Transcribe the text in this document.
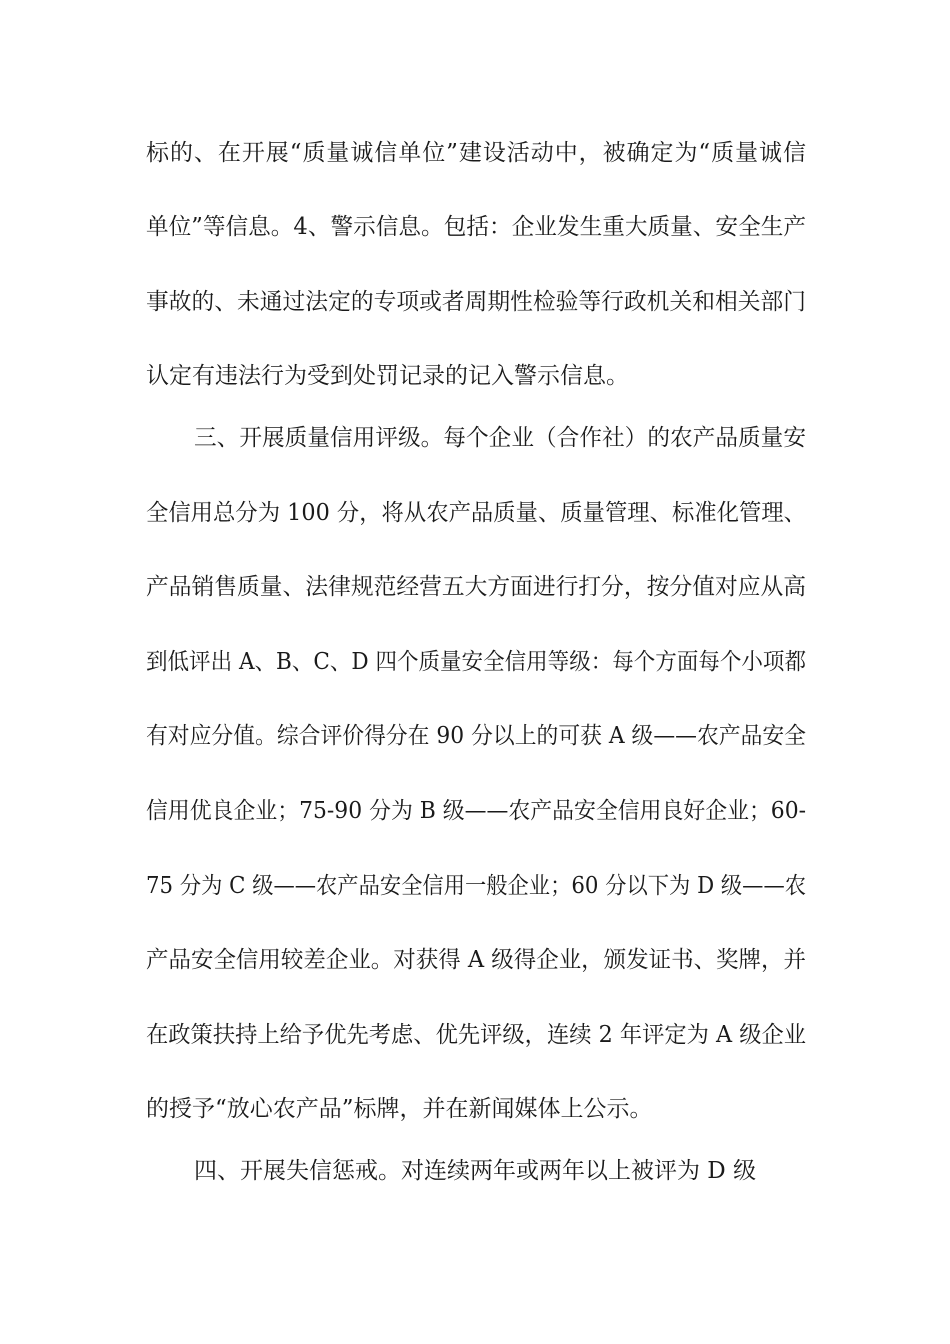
标的、在开展“质量诚信单位”建设活动中，被确定为“质量诚信
单位”等信息。4、警示信息。包括：企业发生重大质量、安全生产
事故的、未通过法定的专项或者周期性检验等行政机关和相关部门
认定有违法行为受到处罚记录的记入警示信息。
三、开展质量信用评级。每个企业（合作社）的农产品质量安
全信用总分为 100 分，将从农产品质量、质量管理、标准化管理、
产品销售质量、法律规范经营五大方面进行打分，按分值对应从高
到低评出 A、B、C、D 四个质量安全信用等级：每个方面每个小项都
有对应分值。综合评价得分在 90 分以上的可获 A 级——农产品安全
信用优良企业；75-90 分为 B 级——农产品安全信用良好企业；60-
75 分为 C 级——农产品安全信用一般企业；60 分以下为 D 级——农
产品安全信用较差企业。对获得 A 级得企业，颁发证书、奖牌，并
在政策扶持上给予优先考虑、优先评级，连续 2 年评定为 A 级企业
的授予“放心农产品”标牌，并在新闻媒体上公示。
四、开展失信惩戒。对连续两年或两年以上被评为 D 级
